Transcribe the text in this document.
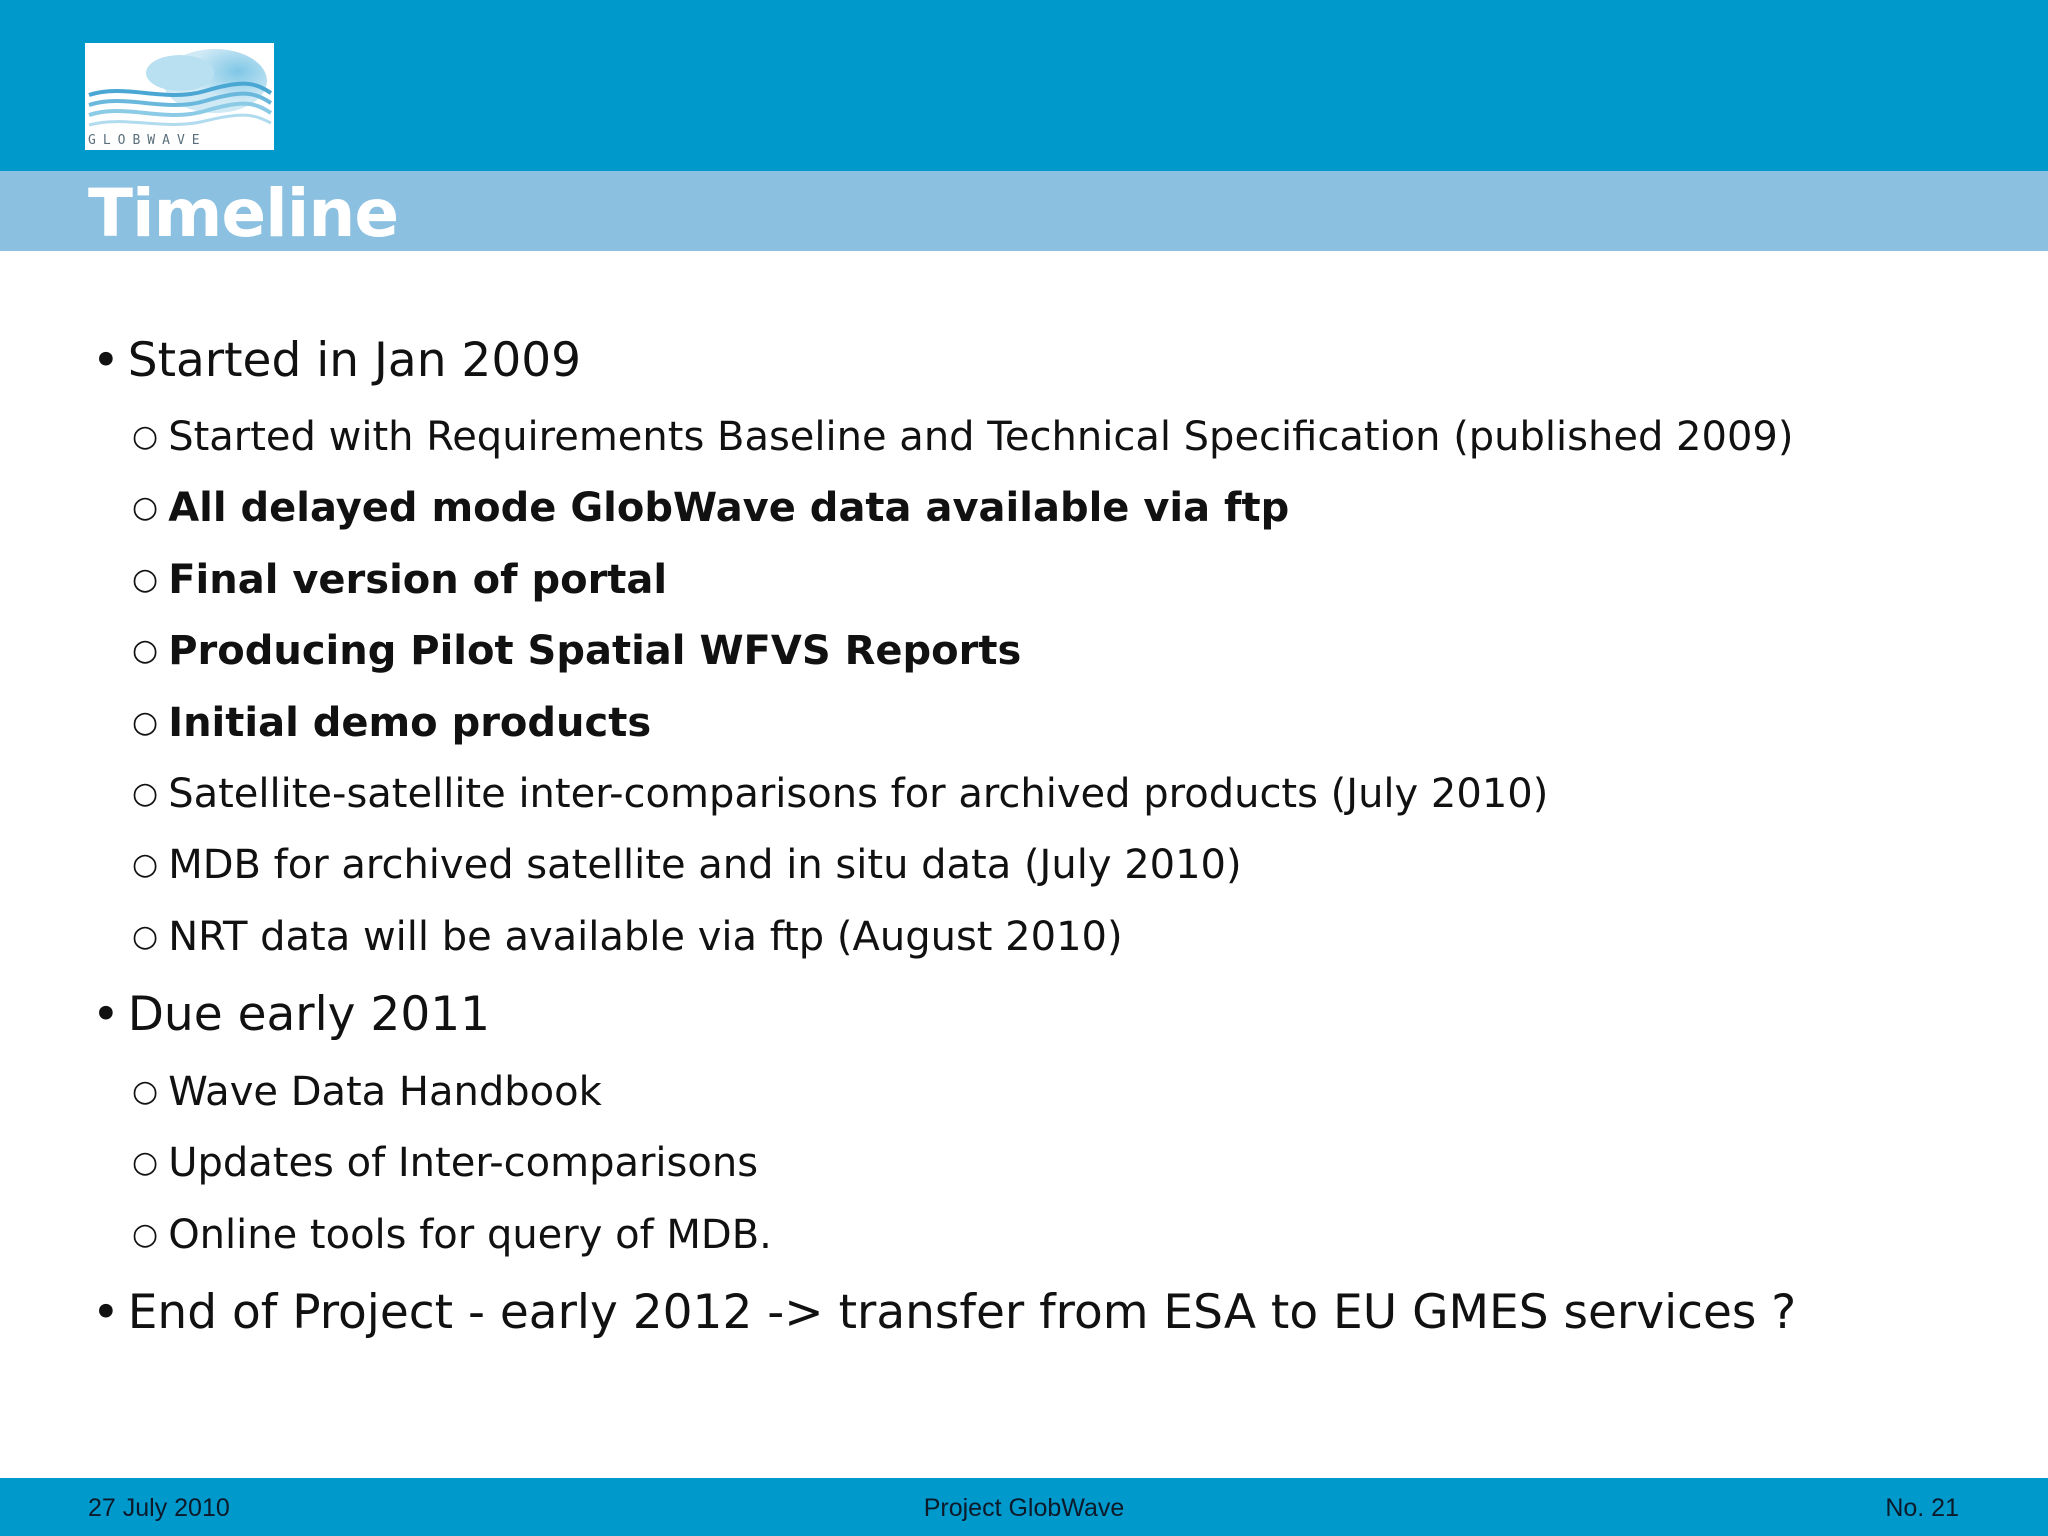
GLOBWAVE
Timeline
• Started in Jan 2009
○ Started with Requirements Baseline and Technical Specification (published 2009)
○ All delayed mode GlobWave data available via ftp
○ Final version of portal
○ Producing Pilot Spatial WFVS Reports
○ Initial demo products
○ Satellite-satellite inter-comparisons for archived products (July 2010)
○ MDB for archived satellite and in situ data (July 2010)
○ NRT data will be available via ftp (August 2010)
• Due early 2011
○ Wave Data Handbook
○ Updates of Inter-comparisons
○ Online tools for query of MDB.
• End of Project - early 2012 -> transfer from ESA to EU GMES services ?
27 July 2010	Project GlobWave	No. 21
